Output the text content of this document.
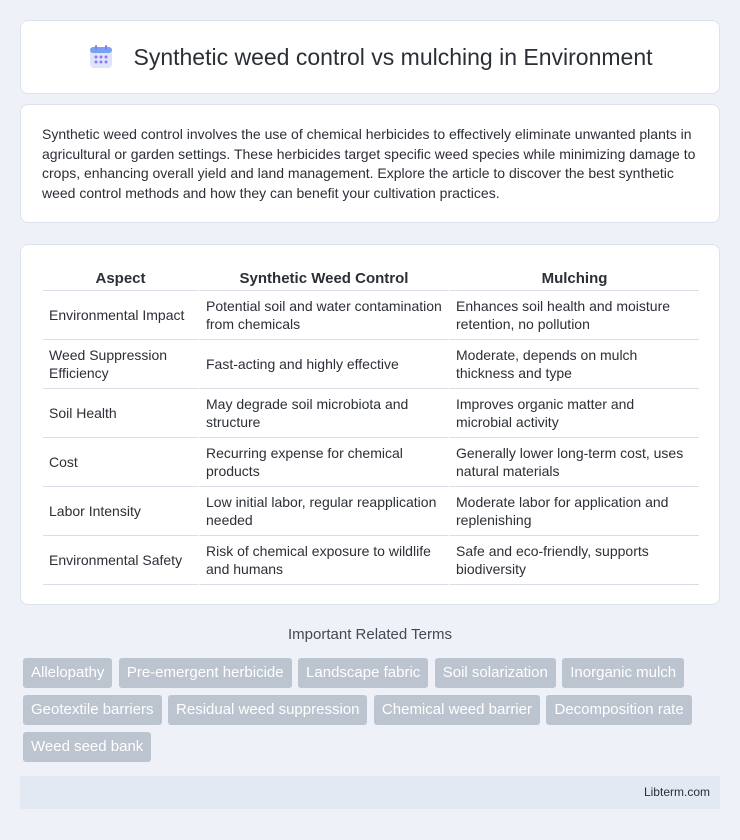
Synthetic weed control vs mulching in Environment

Synthetic weed control involves the use of chemical herbicides to effectively eliminate unwanted plants in agricultural or garden settings. These herbicides target specific weed species while minimizing damage to crops, enhancing overall yield and land management. Explore the article to discover the best synthetic weed control methods and how they can benefit your cultivation practices.

Aspect	Synthetic Weed Control	Mulching
Environmental Impact	Potential soil and water contamination from chemicals	Enhances soil health and moisture retention, no pollution
Weed Suppression Efficiency	Fast-acting and highly effective	Moderate, depends on mulch thickness and type
Soil Health	May degrade soil microbiota and structure	Improves organic matter and microbial activity
Cost	Recurring expense for chemical products	Generally lower long-term cost, uses natural materials
Labor Intensity	Low initial labor, regular reapplication needed	Moderate labor for application and replenishing
Environmental Safety	Risk of chemical exposure to wildlife and humans	Safe and eco-friendly, supports biodiversity
Important Related Terms
Allelopathy Pre-emergent herbicide Landscape fabric Soil solarization Inorganic mulch Geotextile barriers Residual weed suppression Chemical weed barrier Decomposition rate Weed seed bank
Libterm.com
